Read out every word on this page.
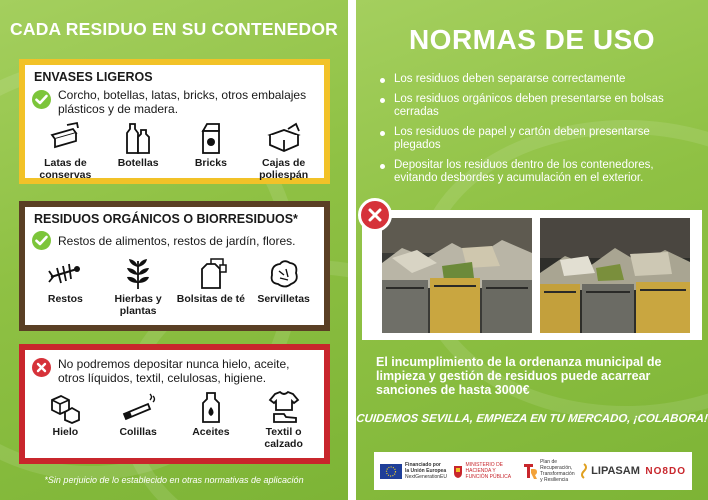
CADA RESIDUO EN SU CONTENEDOR
ENVASES LIGEROS
Corcho, botellas, latas, bricks, otros embalajes plásticos y de madera.
Latas de conservas
Botellas	Bricks	Cajas de poliespán
RESIDUOS ORGÁNICOS O BIORRESIDUOS*
Restos de alimentos, restos de jardín, flores.
Restos	Hierbas y plantas
Bolsitas de té Servilletas
No podremos depositar nunca hielo, aceite, otros líquidos, textil, celulosas, higiene.
Hielo	Colillas	Aceites	Textil o calzado
*Sin perjuicio de lo establecido en otras normativas de aplicación
NORMAS DE USO
Los residuos deben separarse correctamente
Los residuos orgánicos deben presentarse en bolsas cerradas
Los residuos de papel y cartón deben presentarse plegados
Depositar los residuos dentro de los contenedores, evitando desbordes y acumulación en el exterior.
El incumplimiento de la ordenanza municipal de limpieza y gestión de residuos puede acarrear sanciones de hasta 3000€
CUIDEMOS SEVILLA, EMPIEZA EN TU MERCADO, ¡COLABORA!
Financiado por
la Unión Europea
NextGenerationEU
MINISTERIO DE HACIENDA Y FUNCIÓN PÚBLICA
Plan de
Recuperación,
Transformación
y Resiliencia
LIPASAM NO8DO
